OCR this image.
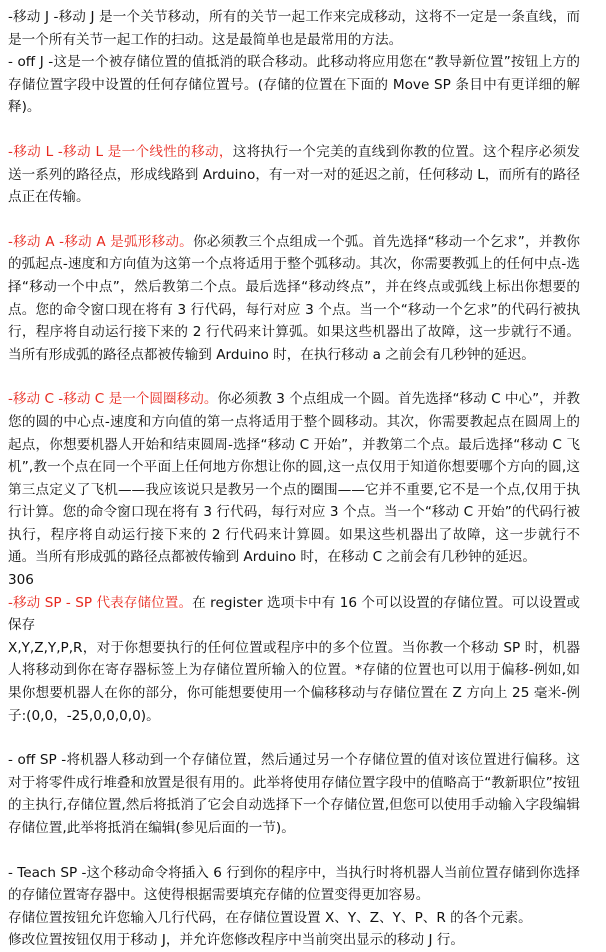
-移动 J -移动 J 是一个关节移动，所有的关节一起工作来完成移动，这将不一定是一条直线，而是一个所有关节一起工作的扫动。这是最简单也是最常用的方法。

- off J -这是一个被存储位置的值抵消的联合移动。此移动将应用您在“教导新位置”按钮上方的存储位置字段中设置的任何存储位置号。(存储的位置在下面的 Move SP 条目中有更详细的解释)。

-移动 L -移动 L 是一个线性的移动，这将执行一个完美的直线到你教的位置。这个程序必须发送一系列的路径点，形成线路到 Arduino，有一对一对的延迟之前，任何移动 L，而所有的路径点正在传输。

-移动 A -移动 A 是弧形移动。你必须教三个点组成一个弧。首先选择“移动一个乞求”，并教你的弧起点-速度和方向值为这第一个点将适用于整个弧移动。其次，你需要教弧上的任何中点-选择“移动一个中点”，然后教第二个点。最后选择“移动终点”，并在终点或弧线上标出你想要的点。您的命令窗口现在将有 3 行代码，每行对应 3 个点。当一个“移动一个乞求”的代码行被执行，程序将自动运行接下来的 2 行代码来计算弧。如果这些机器出了故障，这一步就行不通。当所有形成弧的路径点都被传输到 Arduino 时，在执行移动 a 之前会有几秒钟的延迟。

-移动 C -移动 C 是一个圆圈移动。你必须教 3 个点组成一个圆。首先选择“移动 C 中心”，并教您的圆的中心点-速度和方向值的第一点将适用于整个圆移动。其次，你需要教起点在圆周上的起点，你想要机器人开始和结束圆周-选择“移动 C 开始”，并教第二个点。最后选择“移动 C 飞机”,教一个点在同一个平面上任何地方你想让你的圆,这一点仅用于知道你想要哪个方向的圆,这第三点定义了飞机——我应该说只是教另一个点的圈围——它并不重要,它不是一个点,仅用于执行计算。您的命令窗口现在将有 3 行代码，每行对应 3 个点。当一个“移动 C 开始”的代码行被执行，程序将自动运行接下来的 2 行代码来计算圆。如果这些机器出了故障，这一步就行不通。当所有形成弧的路径点都被传输到 Arduino 时，在移动 C 之前会有几秒钟的延迟。

306

-移动 SP - SP 代表存储位置。在 register 选项卡中有 16 个可以设置的存储位置。可以设置或保存

X,Y,Z,Y,P,R，对于你想要执行的任何位置或程序中的多个位置。当你教一个移动 SP 时，机器人将移动到你在寄存器标签上为存储位置所输入的位置。*存储的位置也可以用于偏移-例如,如果你想要机器人在你的部分，你可能想要使用一个偏移移动与存储位置在 Z 方向上 25 毫米-例子:(0,0，-25,0,0,0,0)。

- off SP -将机器人移动到一个存储位置，然后通过另一个存储位置的值对该位置进行偏移。这对于将零件成行堆叠和放置是很有用的。此举将使用存储位置字段中的值略高于“教新职位”按钮的主执行,存储位置,然后将抵消了它会自动选择下一个存储位置,但您可以使用手动输入字段编辑存储位置,此举将抵消在编辑(参见后面的一节)。

- Teach SP -这个移动命令将插入 6 行到你的程序中，当执行时将机器人当前位置存储到你选择的存储位置寄存器中。这使得根据需要填充存储的位置变得更加容易。

存储位置按钮允许您输入几行代码，在存储位置设置 X、Y、Z、Y、P、R 的各个元素。

修改位置按钮仅用于移动 J，并允许您修改程序中当前突出显示的移动 J 行。
